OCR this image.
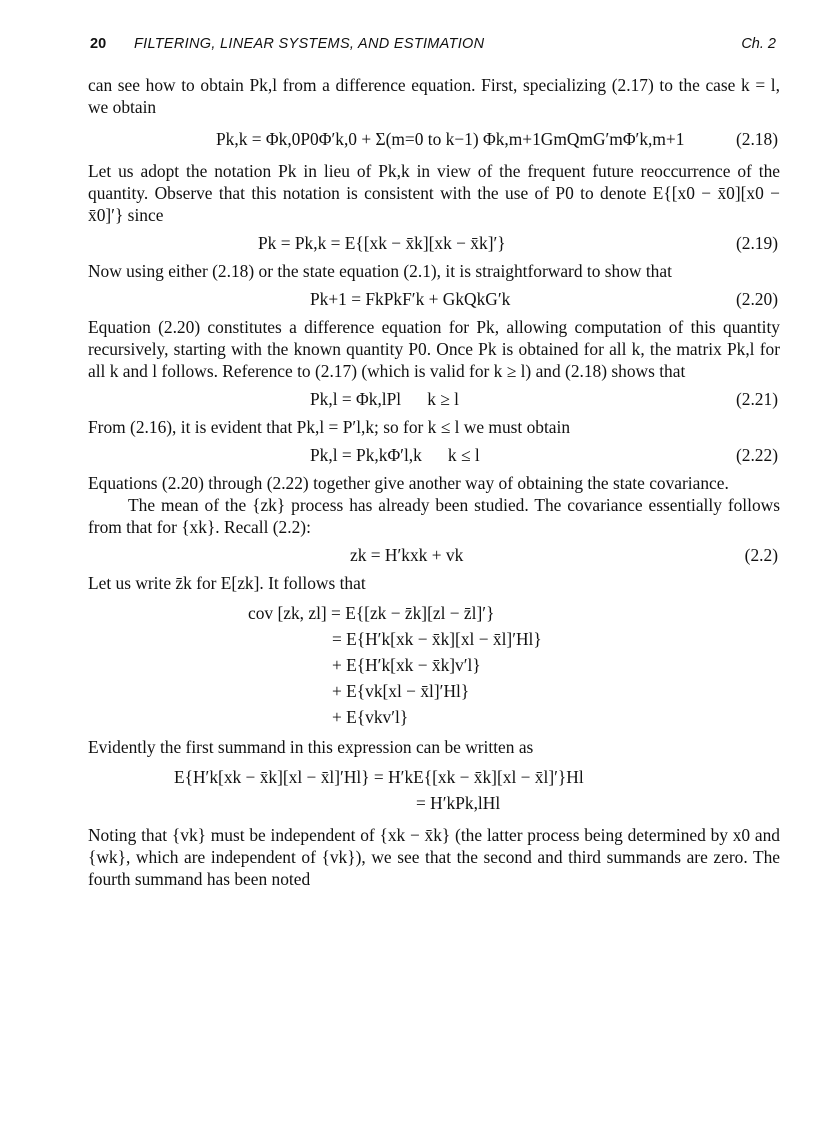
20 FILTERING, LINEAR SYSTEMS, AND ESTIMATION	Ch. 2

can see how to obtain Pk,l from a difference equation. First, specializing (2.17) to the case k = l, we obtain

Pk,k = Φk,0P0Φ′k,0 + Σ(m=0 to k−1) Φk,m+1GmQmG′mΦ′k,m+1	(2.18)

Let us adopt the notation Pk in lieu of Pk,k in view of the frequent future reoccurrence of the quantity. Observe that this notation is consistent with the use of P0 to denote E{[x0 − x̄0][x0 − x̄0]′} since

Pk = Pk,k = E{[xk − x̄k][xk − x̄k]′}	(2.19)

Now using either (2.18) or the state equation (2.1), it is straightforward to show that

Pk+1 = FkPkF′k + GkQkG′k	(2.20)

Equation (2.20) constitutes a difference equation for Pk, allowing computation of this quantity recursively, starting with the known quantity P0. Once Pk is obtained for all k, the matrix Pk,l for all k and l follows. Reference to (2.17) (which is valid for k ≥ l) and (2.18) shows that

Pk,l = Φk,lPl      k ≥ l	(2.21)

From (2.16), it is evident that Pk,l = P′l,k; so for k ≤ l we must obtain

Pk,l = Pk,kΦ′l,k      k ≤ l	(2.22)

Equations (2.20) through (2.22) together give another way of obtaining the state covariance.

The mean of the {zk} process has already been studied. The covariance essentially follows from that for {xk}. Recall (2.2):

zk = H′kxk + vk	(2.2)

Let us write z̄k for E[zk]. It follows that

cov [zk, zl] = E{[zk − z̄k][zl − z̄l]′}
= E{H′k[xk − x̄k][xl − x̄l]′Hl}
+ E{H′k[xk − x̄k]v′l}
+ E{vk[xl − x̄l]′Hl}
+ E{vkv′l}

Evidently the first summand in this expression can be written as

E{H′k[xk − x̄k][xl − x̄l]′Hl} = H′kE{[xk − x̄k][xl − x̄l]′}Hl
= H′kPk,lHl

Noting that {vk} must be independent of {xk − x̄k} (the latter process being determined by x0 and {wk}, which are independent of {vk}), we see that the second and third summands are zero. The fourth summand has been noted
